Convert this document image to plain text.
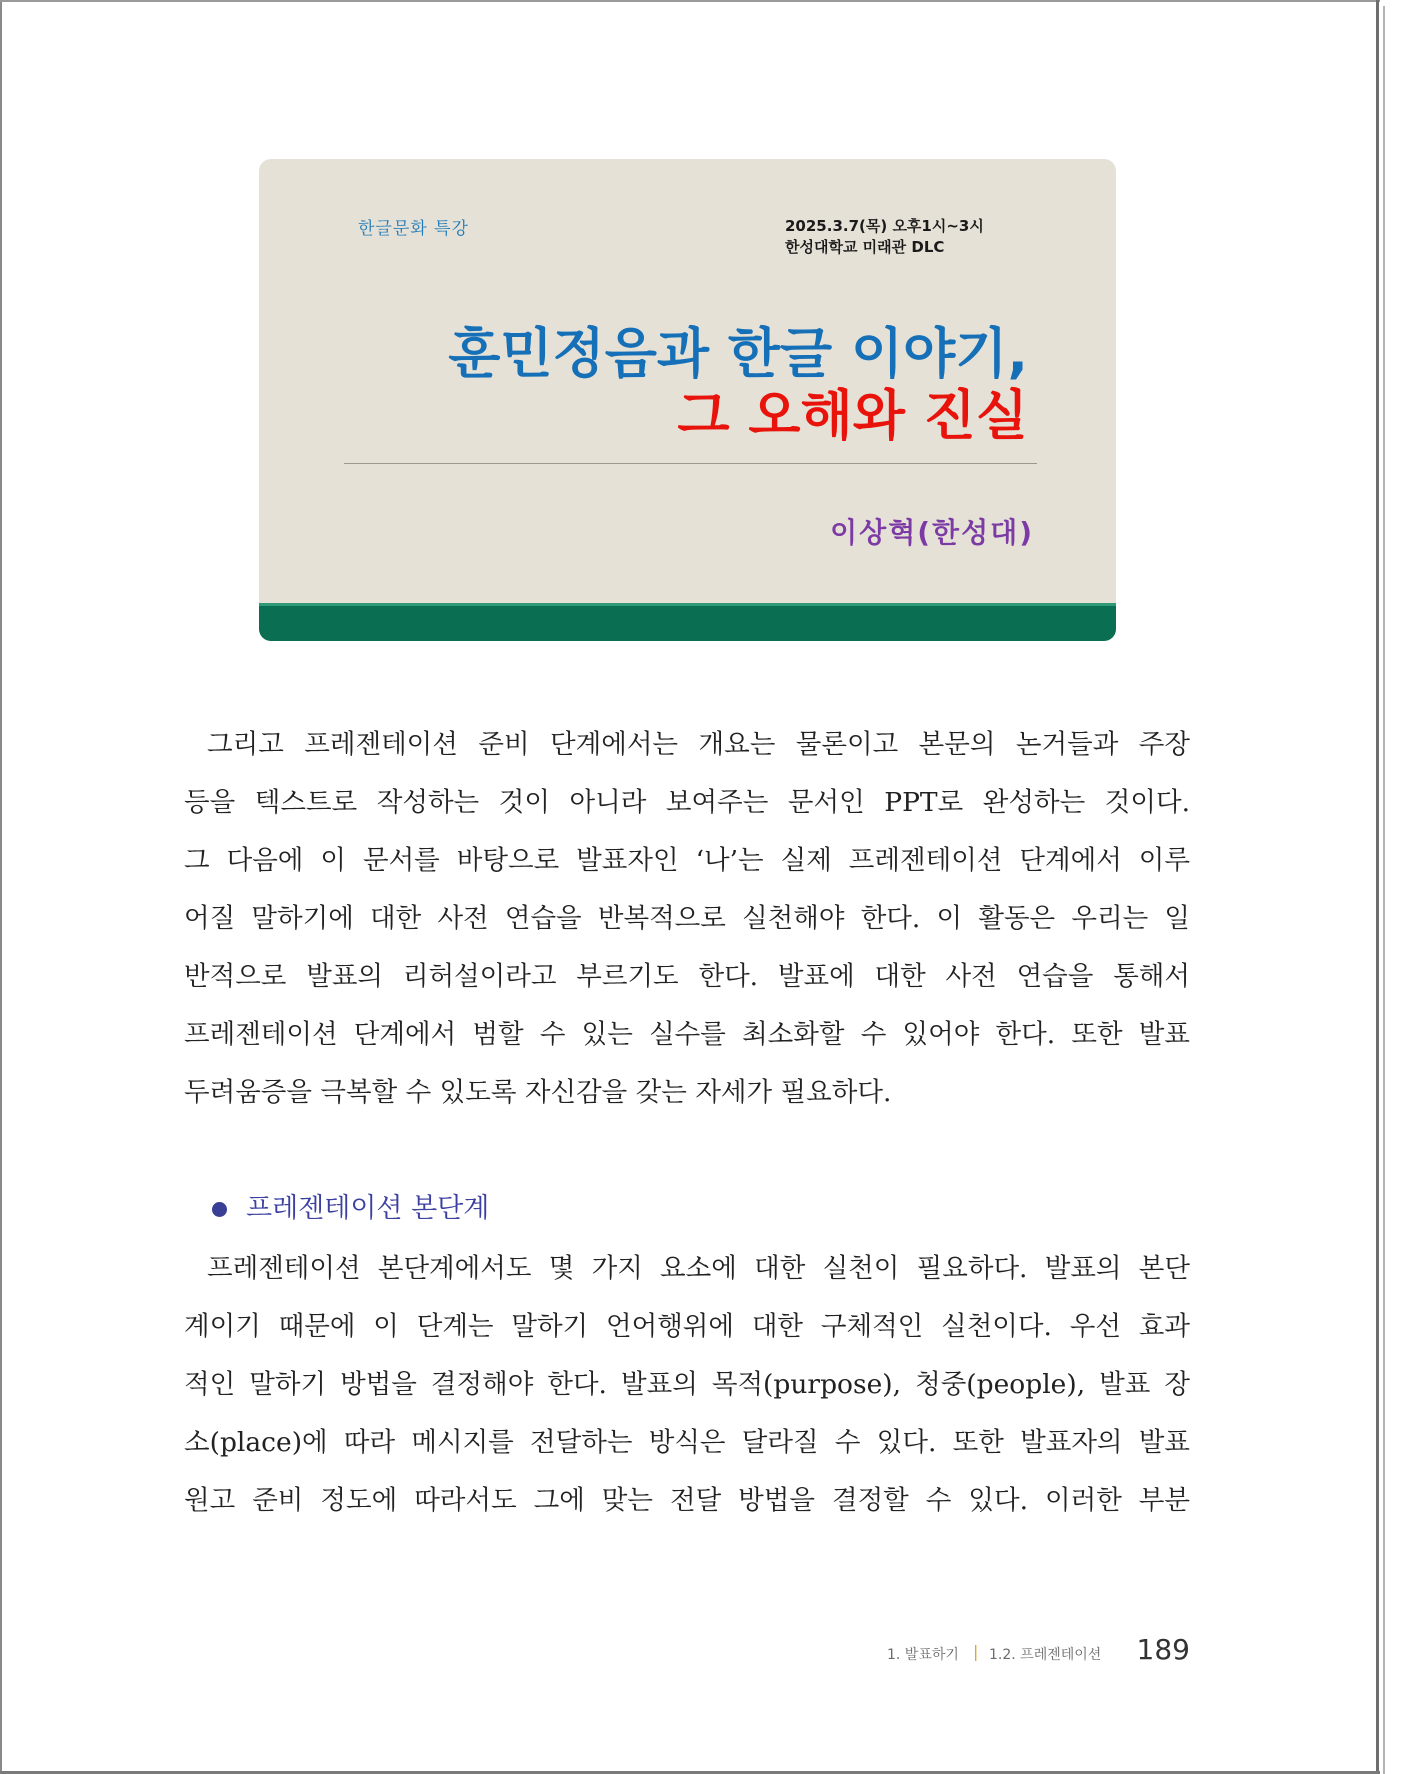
한글문화 특강	2025.3.7(목) 오후1시~3시
한성대학교 미래관 DLC
훈민정음과 한글 이야기,
그 오해와 진실
이상혁(한성대)
그리고 프레젠테이션 준비 단계에서는 개요는 물론이고 본문의 논거들과 주장
등을 텍스트로 작성하는 것이 아니라 보여주는 문서인 PPT로 완성하는 것이다.
그 다음에 이 문서를 바탕으로 발표자인 ‘나’는 실제 프레젠테이션 단계에서 이루
어질 말하기에 대한 사전 연습을 반복적으로 실천해야 한다. 이 활동은 우리는 일
반적으로 발표의 리허설이라고 부르기도 한다. 발표에 대한 사전 연습을 통해서
프레젠테이션 단계에서 범할 수 있는 실수를 최소화할 수 있어야 한다. 또한 발표
두려움증을 극복할 수 있도록 자신감을 갖는 자세가 필요하다.
프레젠테이션 본단계
프레젠테이션 본단계에서도 몇 가지 요소에 대한 실천이 필요하다. 발표의 본단
계이기 때문에 이 단계는 말하기 언어행위에 대한 구체적인 실천이다. 우선 효과
적인 말하기 방법을 결정해야 한다. 발표의 목적(purpose), 청중(people), 발표 장
소(place)에 따라 메시지를 전달하는 방식은 달라질 수 있다. 또한 발표자의 발표
원고 준비 정도에 따라서도 그에 맞는 전달 방법을 결정할 수 있다. 이러한 부분
1. 발표하기 | 1.2. 프레젠테이션 189
